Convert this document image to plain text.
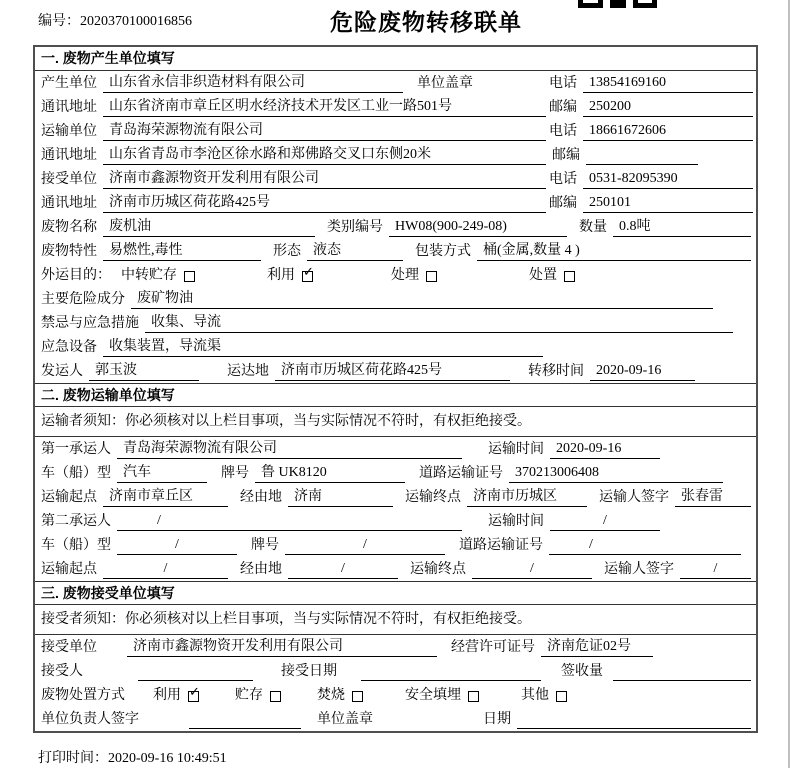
编号：2020370100016856	危险废物转移联单
一. 废物产生单位填写
产生单位 山东省永信非织造材料有限公司	单位盖章	电话 13854169160
通讯地址 山东省济南市章丘区明水经济技术开发区工业一路501号	邮编 250200
运输单位 青岛海荣源物流有限公司	电话 18661672606
通讯地址 山东省青岛市李沧区徐水路和郑佛路交叉口东侧20米	邮编
接受单位 济南市鑫源物资开发利用有限公司	电话 0531-82095390
通讯地址 济南市历城区荷花路425号	邮编 250101
废物名称 废机油	类别编号 HW08(900-249-08)	数量 0.8吨
废物特性 易燃性,毒性	形态 液态	包装方式 桶(金属,数量 4 )
外运目的： 中转贮存	利用 ✓	处理	处置
主要危险成分 废矿物油
禁忌与应急措施 收集、导流
应急设备 收集装置，导流渠
发运人 郭玉波	运达地 济南市历城区荷花路425号	转移时间 2020-09-16
二. 废物运输单位填写
运输者须知：你必须核对以上栏目事项，当与实际情况不符时，有权拒绝接受。
第一承运人 青岛海荣源物流有限公司	运输时间 2020-09-16
车（船）型 汽车	牌号 鲁 UK8120	道路运输证号 370213006408
运输起点 济南市章丘区	经由地 济南	运输终点 济南市历城区	运输人签字 张春雷
第二承运人	/	运输时间	/
车（船）型	/	牌号	/	道路运输证号	/
运输起点	/	经由地	/	运输终点	/	运输人签字	/
三. 废物接受单位填写
接受者须知：你必须核对以上栏目事项，当与实际情况不符时，有权拒绝接受。
接受单位	济南市鑫源物资开发利用有限公司	经营许可证号 济南危证02号
接受人	接受日期	签收量
废物处置方式 利用 ✓	贮存	焚烧	安全填埋	其他
单位负责人签字	单位盖章	日期
打印时间：2020-09-16 10:49:51
